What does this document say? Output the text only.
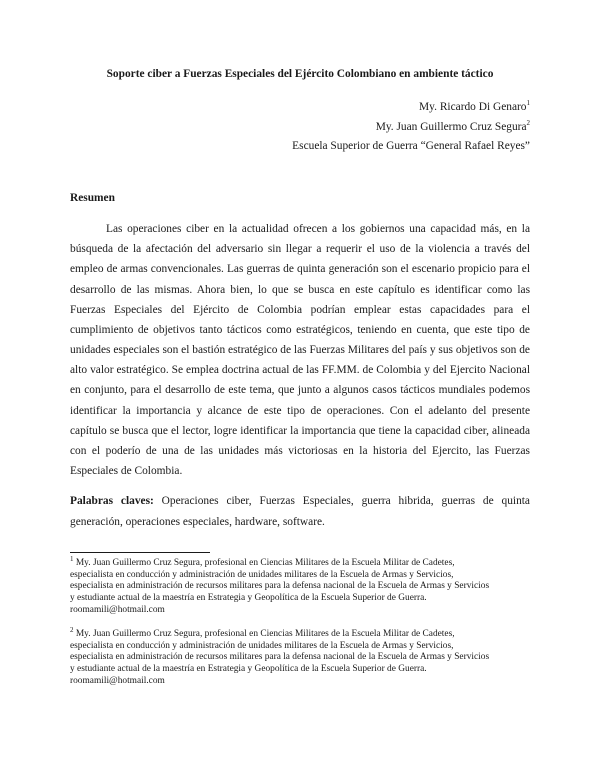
Soporte ciber a Fuerzas Especiales del Ejército Colombiano en ambiente táctico
My. Ricardo Di Genaro$^1$
My. Juan Guillermo Cruz Segura$^2$
Escuela Superior de Guerra “General Rafael Reyes”
Resumen

Las operaciones ciber en la actualidad ofrecen a los gobiernos una capacidad más, en la búsqueda de la afectación del adversario sin llegar a requerir el uso de la violencia a través del empleo de armas convencionales. Las guerras de quinta generación son el escenario propicio para el desarrollo de las mismas. Ahora bien, lo que se busca en este capítulo es identificar como las Fuerzas Especiales del Ejército de Colombia podrían emplear estas capacidades para el cumplimiento de objetivos tanto tácticos como estratégicos, teniendo en cuenta, que este tipo de unidades especiales son el bastión estratégico de las Fuerzas Militares del país y sus objetivos son de alto valor estratégico. Se emplea doctrina actual de las FF.MM. de Colombia y del Ejercito Nacional en conjunto, para el desarrollo de este tema, que junto a algunos casos tácticos mundiales podemos identificar la importancia y alcance de este tipo de operaciones. Con el adelanto del presente capítulo se busca que el lector, logre identificar la importancia que tiene la capacidad ciber, alineada con el poderío de una de las unidades más victoriosas en la historia del Ejercito, las Fuerzas Especiales de Colombia.

Palabras claves: Operaciones ciber, Fuerzas Especiales, guerra hibrida, guerras de quinta generación, operaciones especiales, hardware, software.

$^1$ My. Juan Guillermo Cruz Segura, profesional en Ciencias Militares de la Escuela Militar de Cadetes,
especialista en conducción y administración de unidades militares de la Escuela de Armas y Servicios,
especialista en administración de recursos militares para la defensa nacional de la Escuela de Armas y Servicios
y estudiante actual de la maestría en Estrategia y Geopolítica de la Escuela Superior de Guerra.
roomamili@hotmail.com
$^2$ My. Juan Guillermo Cruz Segura, profesional en Ciencias Militares de la Escuela Militar de Cadetes,
especialista en conducción y administración de unidades militares de la Escuela de Armas y Servicios,
especialista en administración de recursos militares para la defensa nacional de la Escuela de Armas y Servicios
y estudiante actual de la maestría en Estrategia y Geopolítica de la Escuela Superior de Guerra.
roomamili@hotmail.com
